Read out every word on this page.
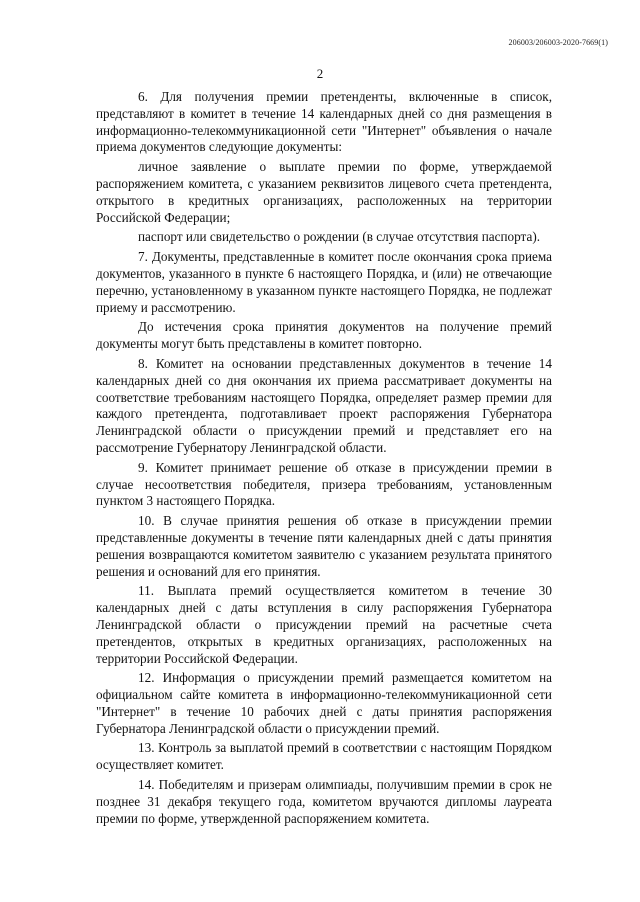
206003/206003-2020-7669(1)
2

6. Для получения премии претенденты, включенные в список, представляют в комитет в течение 14 календарных дней со дня размещения в информационно-телекоммуникационной сети "Интернет" объявления о начале приема документов следующие документы:

личное заявление о выплате премии по форме, утверждаемой распоряжением комитета, с указанием реквизитов лицевого счета претендента, открытого в кредитных организациях, расположенных на территории Российской Федерации;

паспорт или свидетельство о рождении (в случае отсутствия паспорта).

7. Документы, представленные в комитет после окончания срока приема документов, указанного в пункте 6 настоящего Порядка, и (или) не отвечающие перечню, установленному в указанном пункте настоящего Порядка, не подлежат приему и рассмотрению.

До истечения срока принятия документов на получение премий документы могут быть представлены в комитет повторно.

8. Комитет на основании представленных документов в течение 14 календарных дней со дня окончания их приема рассматривает документы на соответствие требованиям настоящего Порядка, определяет размер премии для каждого претендента, подготавливает проект распоряжения Губернатора Ленинградской области о присуждении премий и представляет его на рассмотрение Губернатору Ленинградской области.

9. Комитет принимает решение об отказе в присуждении премии в случае несоответствия победителя, призера требованиям, установленным пунктом 3 настоящего Порядка.

10. В случае принятия решения об отказе в присуждении премии представленные документы в течение пяти календарных дней с даты принятия решения возвращаются комитетом заявителю с указанием результата принятого решения и оснований для его принятия.

11. Выплата премий осуществляется комитетом в течение 30 календарных дней с даты вступления в силу распоряжения Губернатора Ленинградской области о присуждении премий на расчетные счета претендентов, открытых в кредитных организациях, расположенных на территории Российской Федерации.

12. Информация о присуждении премий размещается комитетом на официальном сайте комитета в информационно-телекоммуникационной сети "Интернет" в течение 10 рабочих дней с даты принятия распоряжения Губернатора Ленинградской области о присуждении премий.

13. Контроль за выплатой премий в соответствии с настоящим Порядком осуществляет комитет.

14. Победителям и призерам олимпиады, получившим премии в срок не позднее 31 декабря текущего года, комитетом вручаются дипломы лауреата премии по форме, утвержденной распоряжением комитета.
